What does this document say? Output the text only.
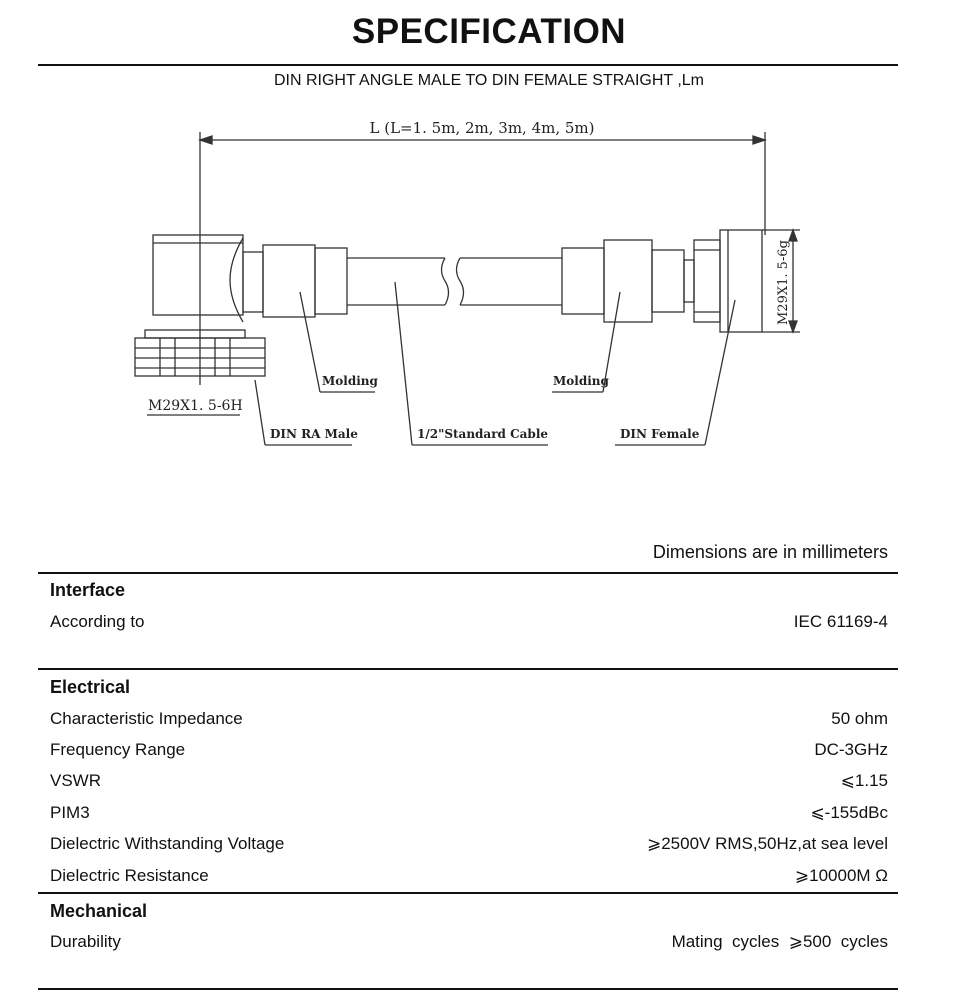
SPECIFICATION
DIN RIGHT ANGLE MALE TO DIN FEMALE STRAIGHT ,Lm
L (L=1. 5m, 2m, 3m, 4m, 5m)
M29X1. 5-6H
M29X1. 5-6g
Molding	Molding
DIN RA Male	1/2"Standard Cable	DIN Female
Dimensions are in millimeters
Interface
According to	IEC 61169-4
Electrical
Characteristic Impedance	50 ohm
Frequency Range	DC-3GHz
VSWR	⩽1.15
PIM3	⩽-155dBc
Dielectric Withstanding Voltage	⩾2500V RMS,50Hz,at sea level
Dielectric Resistance	⩾10000M Ω
Mechanical
Durability	Mating  cycles  ⩾500  cycles
